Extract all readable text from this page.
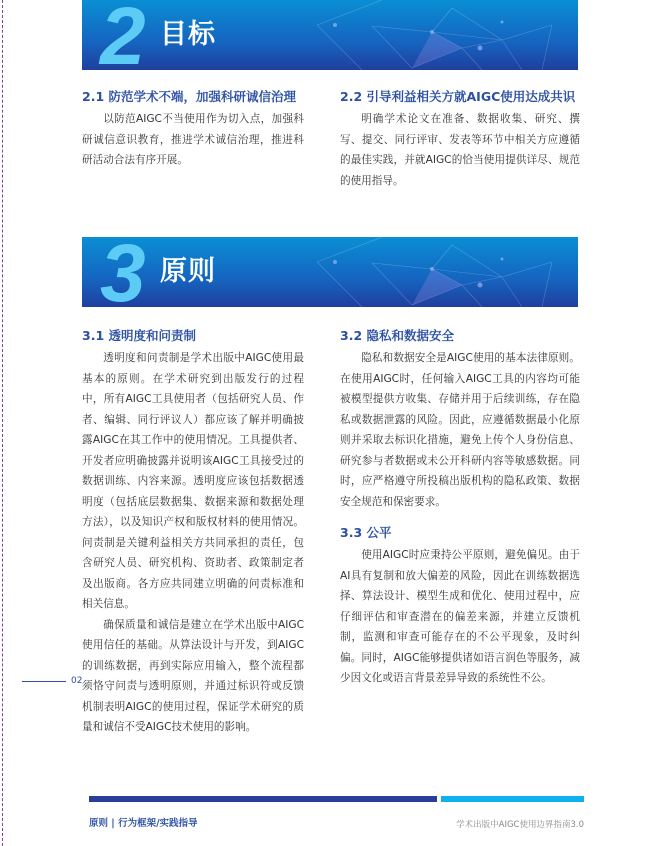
2 目标
2.1 防范学术不端，加强科研诚信治理

以防范AIGC不当使用作为切入点，加强科研诚信意识教育，推进学术诚信治理，推进科研活动合法有序开展。

2.2 引导利益相关方就AIGC使用达成共识

明确学术论文在准备、数据收集、研究、撰写、提交、同行评审、发表等环节中相关方应遵循的最佳实践，并就AIGC的恰当使用提供详尽、规范的使用指导。

3 原则
3.1 透明度和问责制

透明度和问责制是学术出版中AIGC使用最基本的原则。在学术研究到出版发行的过程中，所有AIGC工具使用者（包括研究人员、作者、编辑、同行评议人）都应该了解并明确披露AIGC在其工作中的使用情况。工具提供者、开发者应明确披露并说明该AIGC工具接受过的数据训练、内容来源。透明度应该包括数据透明度（包括底层数据集、数据来源和数据处理方法），以及知识产权和版权材料的使用情况。问责制是关键利益相关方共同承担的责任，包含研究人员、研究机构、资助者、政策制定者及出版商。各方应共同建立明确的问责标准和相关信息。

确保质量和诚信是建立在学术出版中AIGC使用信任的基础。从算法设计与开发，到AIGC的训练数据，再到实际应用输入，整个流程都须恪守问责与透明原则，并通过标识符或反馈机制表明AIGC的使用过程，保证学术研究的质量和诚信不受AIGC技术使用的影响。

3.2 隐私和数据安全

隐私和数据安全是AIGC使用的基本法律原则。在使用AIGC时，任何输入AIGC工具的内容均可能被模型提供方收集、存储并用于后续训练，存在隐私或数据泄露的风险。因此，应遵循数据最小化原则并采取去标识化措施，避免上传个人身份信息、研究参与者数据或未公开科研内容等敏感数据。同时，应严格遵守所投稿出版机构的隐私政策、数据安全规范和保密要求。

3.3 公平

使用AIGC时应秉持公平原则，避免偏见。由于AI具有复制和放大偏差的风险，因此在训练数据选择、算法设计、模型生成和优化、使用过程中，应仔细评估和审查潜在的偏差来源，并建立反馈机制，监测和审查可能存在的不公平现象，及时纠偏。同时，AIGC能够提供诸如语言润色等服务，减少因文化或语言背景差异导致的系统性不公。

02
原则 | 行为框架/实践指导	学术出版中AIGC使用边界指南3.0
